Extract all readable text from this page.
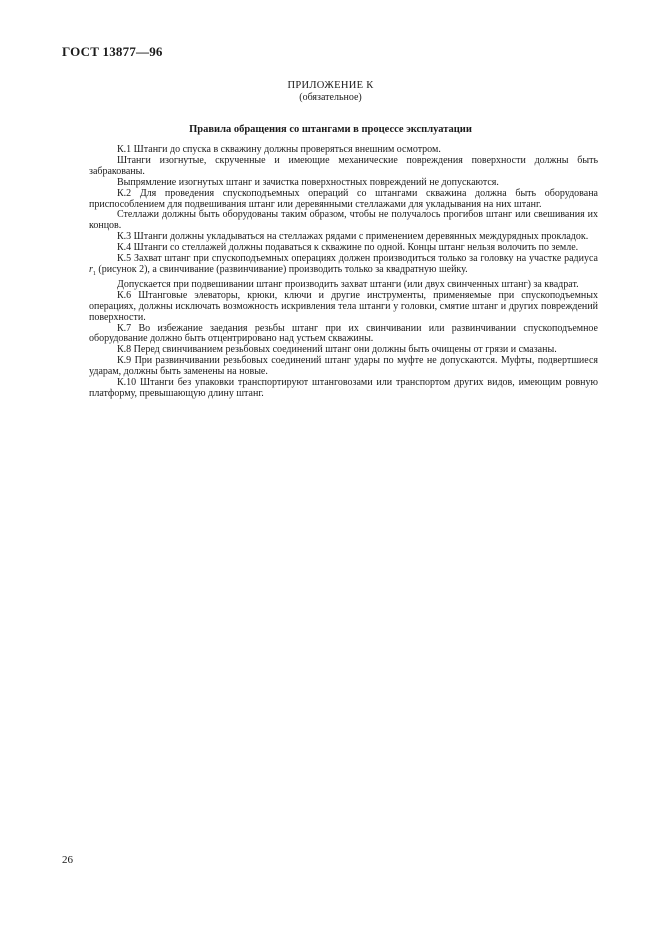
ГОСТ 13877—96
ПРИЛОЖЕНИЕ К
(обязательное)
Правила обращения со штангами в процессе эксплуатации

К.1 Штанги до спуска в скважину должны проверяться внешним осмотром.

Штанги изогнутые, скрученные и имеющие механические повреждения поверхности должны быть забракованы.

Выпрямление изогнутых штанг и зачистка поверхностных повреждений не допускаются.

К.2 Для проведения спускоподъемных операций со штангами скважина должна быть оборудована приспособлением для подвешивания штанг или деревянными стеллажами для укладывания на них штанг.

Стеллажи должны быть оборудованы таким образом, чтобы не получалось прогибов штанг или свешивания их концов.

К.3 Штанги должны укладываться на стеллажах рядами с применением деревянных междурядных прокладок.

К.4 Штанги со стеллажей должны подаваться к скважине по одной. Концы штанг нельзя волочить по земле.

К.5 Захват штанг при спускоподъемных операциях должен производиться только за головку на участке радиуса $r_1$ (рисунок 2), а свинчивание (развинчивание) производить только за квадратную шейку.

Допускается при подвешивании штанг производить захват штанги (или двух свинченных штанг) за квадрат.

К.6 Штанговые элеваторы, крюки, ключи и другие инструменты, применяемые при спускоподъемных операциях, должны исключать возможность искривления тела штанги у головки, смятие штанг и других повреждений поверхности.

К.7 Во избежание заедания резьбы штанг при их свинчивании или развинчивании спускоподъемное оборудование должно быть отцентрировано над устьем скважины.

К.8 Перед свинчиванием резьбовых соединений штанг они должны быть очищены от грязи и смазаны.

К.9 При развинчивании резьбовых соединений штанг удары по муфте не допускаются. Муфты, подвертшиеся ударам, должны быть заменены на новые.

К.10 Штанги без упаковки транспортируют штанговозами или транспортом других видов, имеющим ровную платформу, превышающую длину штанг.

26
